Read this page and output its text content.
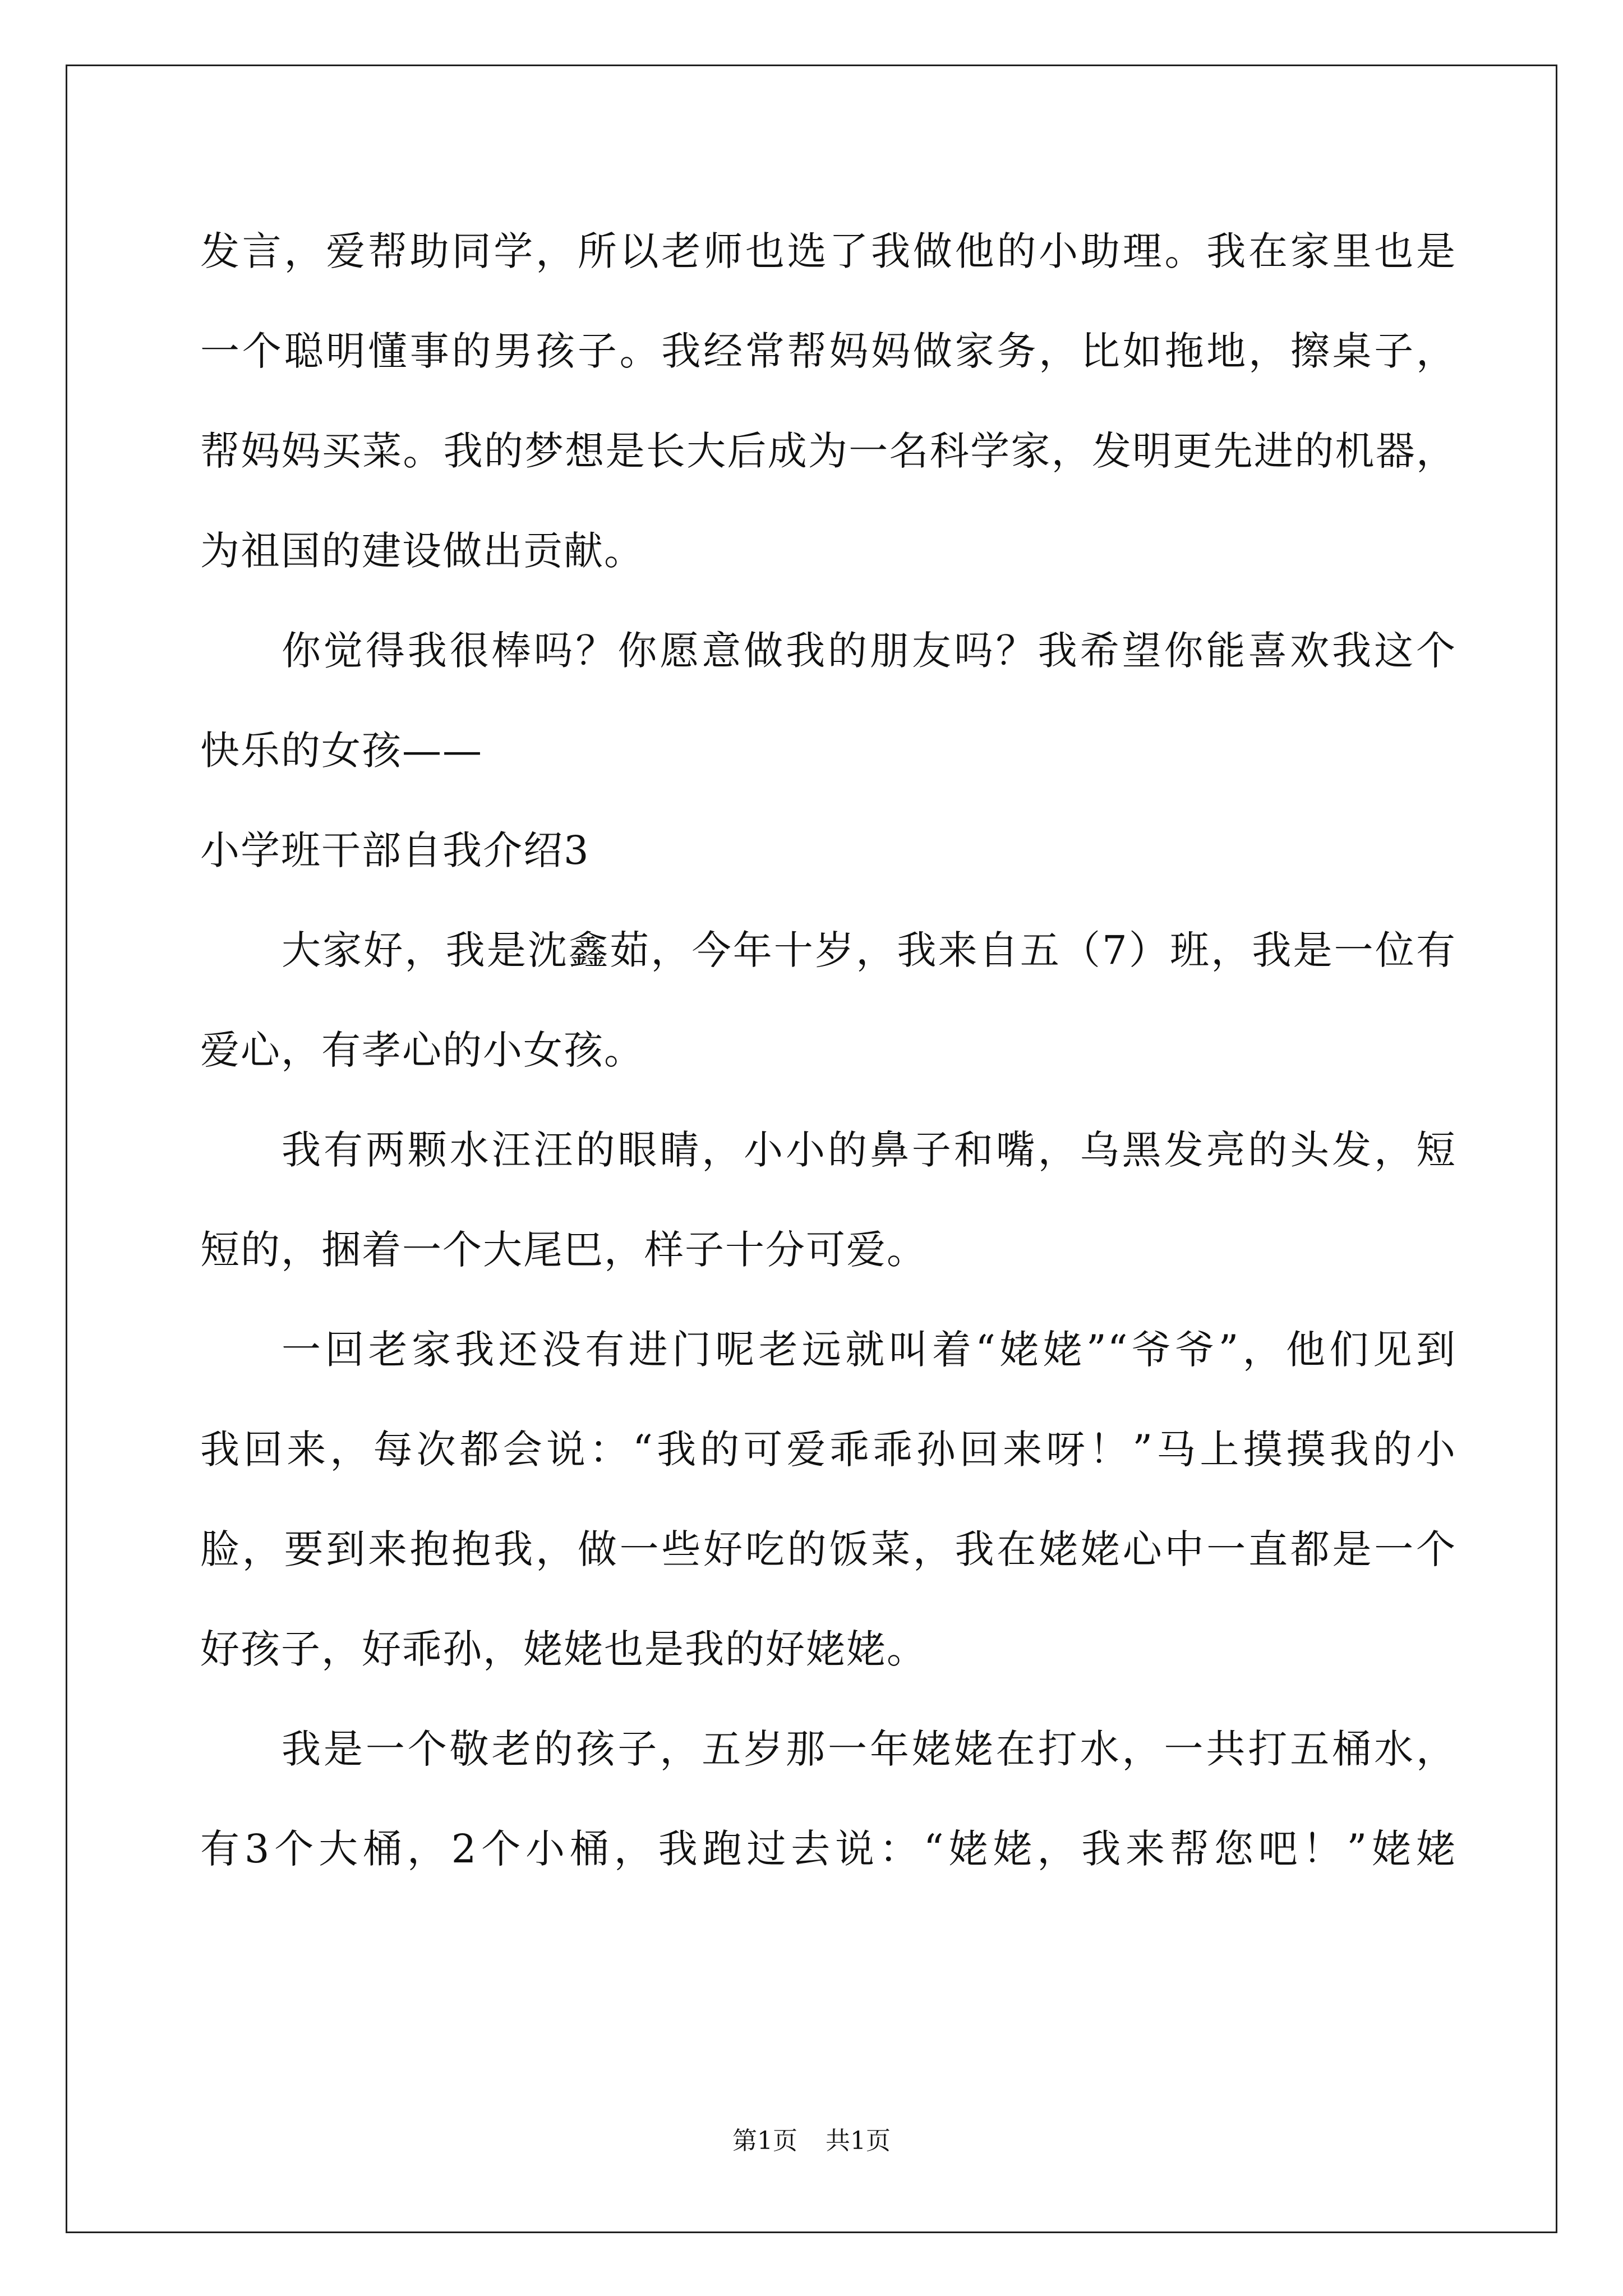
发言，爱帮助同学，所以老师也选了我做他的小助理。我在家里也是
一个聪明懂事的男孩子。我经常帮妈妈做家务，比如拖地，擦桌子，
帮妈妈买菜。我的梦想是长大后成为一名科学家，发明更先进的机器，
为祖国的建设做出贡献。
你觉得我很棒吗？你愿意做我的朋友吗？我希望你能喜欢我这个
快乐的女孩——
小学班干部自我介绍3
大家好，我是沈鑫茹，今年十岁，我来自五（7）班，我是一位有
爱心，有孝心的小女孩。
我有两颗水汪汪的眼睛，小小的鼻子和嘴，乌黑发亮的头发，短
短的，捆着一个大尾巴，样子十分可爱。
一回老家我还没有进门呢老远就叫着“姥姥”“爷爷”，他们见到
我回来，每次都会说：“我的可爱乖乖孙回来呀！”马上摸摸我的小
脸，要到来抱抱我，做一些好吃的饭菜，我在姥姥心中一直都是一个
好孩子，好乖孙，姥姥也是我的好姥姥。
我是一个敬老的孩子，五岁那一年姥姥在打水，一共打五桶水，
有3个大桶，2个小桶，我跑过去说：“姥姥，我来帮您吧！”姥姥
第1页 共1页
